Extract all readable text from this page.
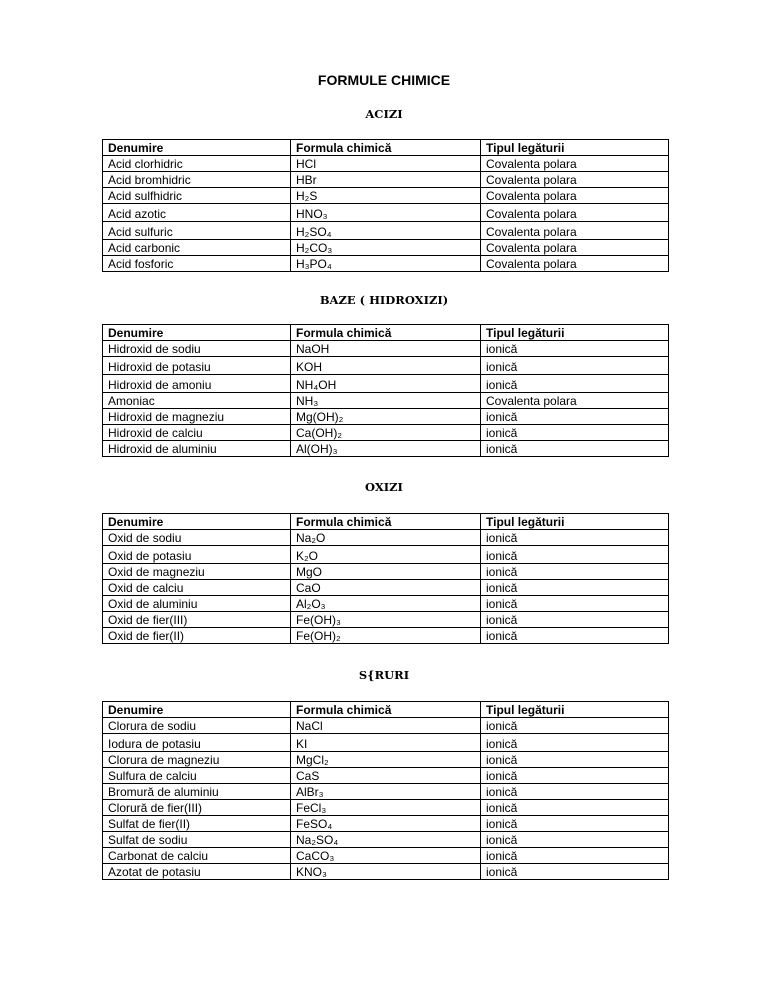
FORMULE CHIMICE
ACIZI
Denumire	Formula chimică	Tipul legăturii
Acid clorhidric	HCl	Covalenta polara
Acid bromhidric	HBr	Covalenta polara
Acid sulfhidric	H₂S	Covalenta polara
Acid azotic	HNO₃	Covalenta polara
Acid sulfuric	H₂SO₄	Covalenta polara
Acid carbonic	H₂CO₃	Covalenta polara
Acid fosforic	H₃PO₄	Covalenta polara
BAZE ( HIDROXIZI)
Denumire	Formula chimică	Tipul legăturii
Hidroxid de sodiu	NaOH	ionică
Hidroxid de potasiu	KOH	ionică
Hidroxid de amoniu	NH₄OH	ionică
Amoniac	NH₃	Covalenta polara
Hidroxid de magneziu	Mg(OH)₂	ionică
Hidroxid de calciu	Ca(OH)₂	ionică
Hidroxid de aluminiu	Al(OH)₃	ionică
OXIZI
Denumire	Formula chimică	Tipul legăturii
Oxid de sodiu	Na₂O	ionică
Oxid de potasiu	K₂O	ionică
Oxid de magneziu	MgO	ionică
Oxid de calciu	CaO	ionică
Oxid de aluminiu	Al₂O₃	ionică
Oxid de fier(III)	Fe(OH)₃	ionică
Oxid de fier(II)	Fe(OH)₂	ionică
S{RURI
Denumire	Formula chimică	Tipul legăturii
Clorura de sodiu	NaCl	ionică
Iodura de potasiu	KI	ionică
Clorura de magneziu	MgCl₂	ionică
Sulfura de calciu	CaS	ionică
Bromură de aluminiu	AlBr₃	ionică
Clorură de fier(III)	FeCl₃	ionică
Sulfat de fier(II)	FeSO₄	ionică
Sulfat de sodiu	Na₂SO₄	ionică
Carbonat de calciu	CaCO₃	ionică
Azotat de potasiu	KNO₃	ionică
